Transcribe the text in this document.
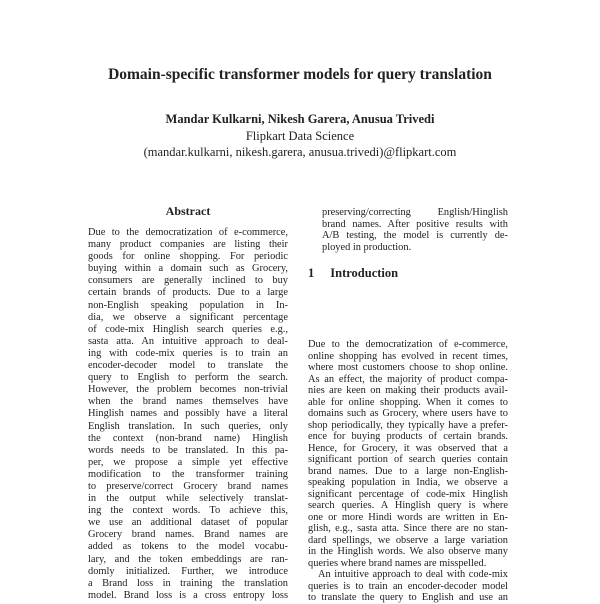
Domain-specific transformer models for query translation
Mandar Kulkarni, Nikesh Garera, Anusua Trivedi
Flipkart Data Science
(mandar.kulkarni, nikesh.garera, anusua.trivedi)@flipkart.com
Abstract
Due to the democratization of e-commerce,
many product companies are listing their
goods for online shopping. For periodic
buying within a domain such as Grocery,
consumers are generally inclined to buy
certain brands of products. Due to a large
non-English speaking population in In-
dia, we observe a significant percentage
of code-mix Hinglish search queries e.g.,
sasta atta. An intuitive approach to deal-
ing with code-mix queries is to train an
encoder-decoder model to translate the
query to English to perform the search.
However, the problem becomes non-trivial
when the brand names themselves have
Hinglish names and possibly have a literal
English translation. In such queries, only
the context (non-brand name) Hinglish
words needs to be translated. In this pa-
per, we propose a simple yet effective
modification to the transformer training
to preserve/correct Grocery brand names
in the output while selectively translat-
ing the context words. To achieve this,
we use an additional dataset of popular
Grocery brand names. Brand names are
added as tokens to the model vocabu-
lary, and the token embeddings are ran-
domly initialized. Further, we introduce
a Brand loss in training the translation
model. Brand loss is a cross entropy loss
preserving/correcting English/Hinglish
brand names. After positive results with
A/B testing, the model is currently de-
ployed in production.
1 Introduction
Due to the democratization of e-commerce,
online shopping has evolved in recent times,
where most customers choose to shop online.
As an effect, the majority of product compa-
nies are keen on making their products avail-
able for online shopping. When it comes to
domains such as Grocery, where users have to
shop periodically, they typically have a prefer-
ence for buying products of certain brands.
Hence, for Grocery, it was observed that a
significant portion of search queries contain
brand names. Due to a large non-English-
speaking population in India, we observe a
significant percentage of code-mix Hinglish
search queries. A Hinglish query is where
one or more Hindi words are written in En-
glish, e.g., sasta atta. Since there are no stan-
dard spellings, we observe a large variation
in the Hinglish words. We also observe many
queries where brand names are misspelled.
An intuitive approach to deal with code-mix
queries is to train an encoder-decoder model
to translate the query to English and use an
